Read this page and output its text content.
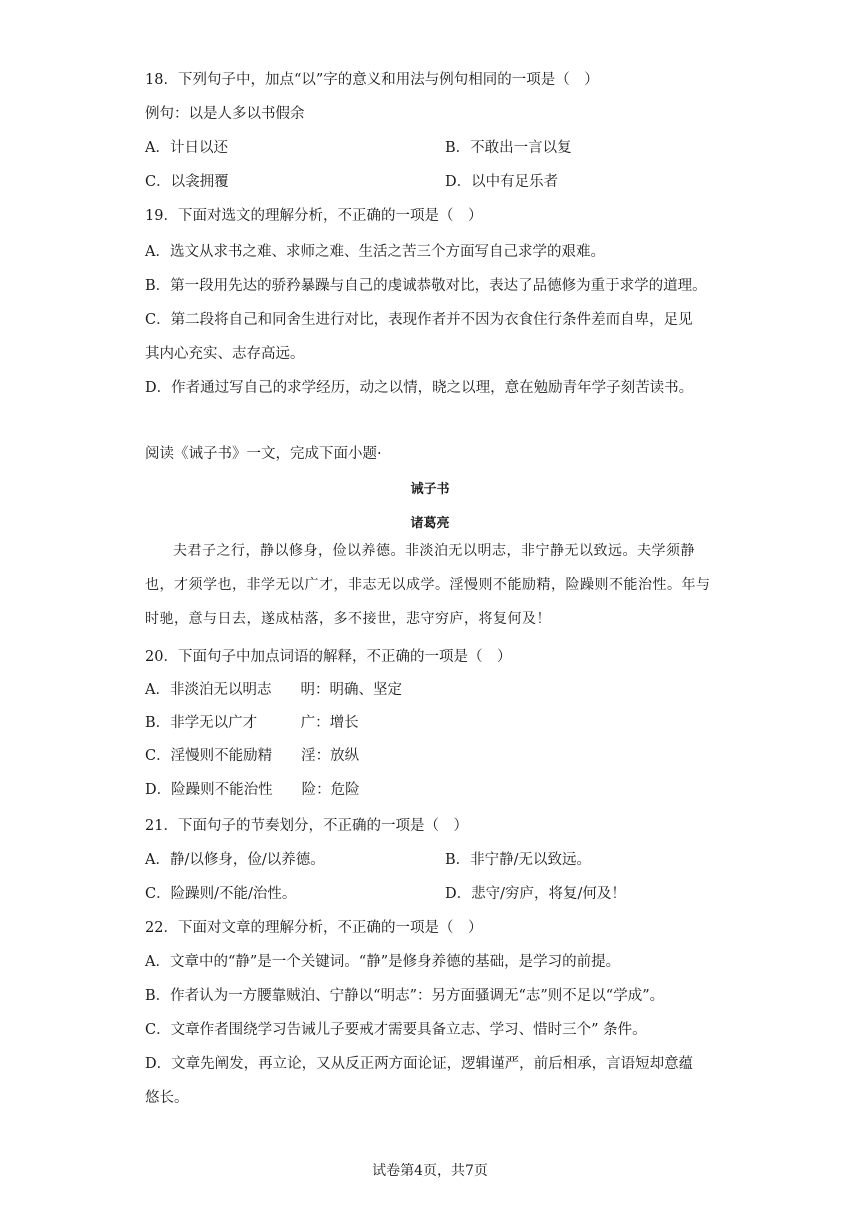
18．下列句子中，加点“以”字的意义和用法与例句相同的一项是（　）
例句：以是人多以书假余
A．计日以还	B．不敢出一言以复
C．以衾拥覆	D．以中有足乐者
19．下面对选文的理解分析，不正确的一项是（　）
A．选文从求书之难、求师之难、生活之苦三个方面写自己求学的艰难。
B．第一段用先达的骄矜暴躁与自己的虔诚恭敬对比，表达了品德修为重于求学的道理。
C．第二段将自己和同舍生进行对比，表现作者并不因为衣食住行条件差而自卑，足见
其内心充实、志存高远。
D．作者通过写自己的求学经历，动之以情，晓之以理，意在勉励青年学子刻苦读书。
阅读《诫子书》一文，完成下面小题·
诫子书
诸葛亮
夫君子之行，静以修身，俭以养德。非淡泊无以明志，非宁静无以致远。夫学须静也，才须学也，非学无以广才，非志无以成学。淫慢则不能励精，险躁则不能治性。年与时驰，意与日去，遂成枯落，多不接世，悲守穷庐，将复何及！
20．下面句子中加点词语的解释，不正确的一项是（　）
A．非淡泊无以明志　　明：明确、坚定
B．非学无以广才　　　广：增长
C．淫慢则不能励精　　淫：放纵
D．险躁则不能治性　　险：危险
21．下面句子的节奏划分，不正确的一项是（　）
A．静/以修身，俭/以养德。	B．非宁静/无以致远。
C．险躁则/不能/治性。	D．悲守/穷庐，将复/何及！
22．下面对文章的理解分析，不正确的一项是（　）
A．文章中的“静”是一个关键词。“静”是修身养德的基础，是学习的前提。
B．作者认为一方腰靠贼泊、宁静以“明志”：另方面骚调无“志”则不足以“学成”。
C．文章作者围绕学习告诫儿子要戒才需要具备立志、学习、惜时三个” 条件。
D．文章先阐发，再立论，又从反正两方面论证，逻辑谨严，前后相承，言语短却意蕴
悠长。
试卷第4页，共7页
